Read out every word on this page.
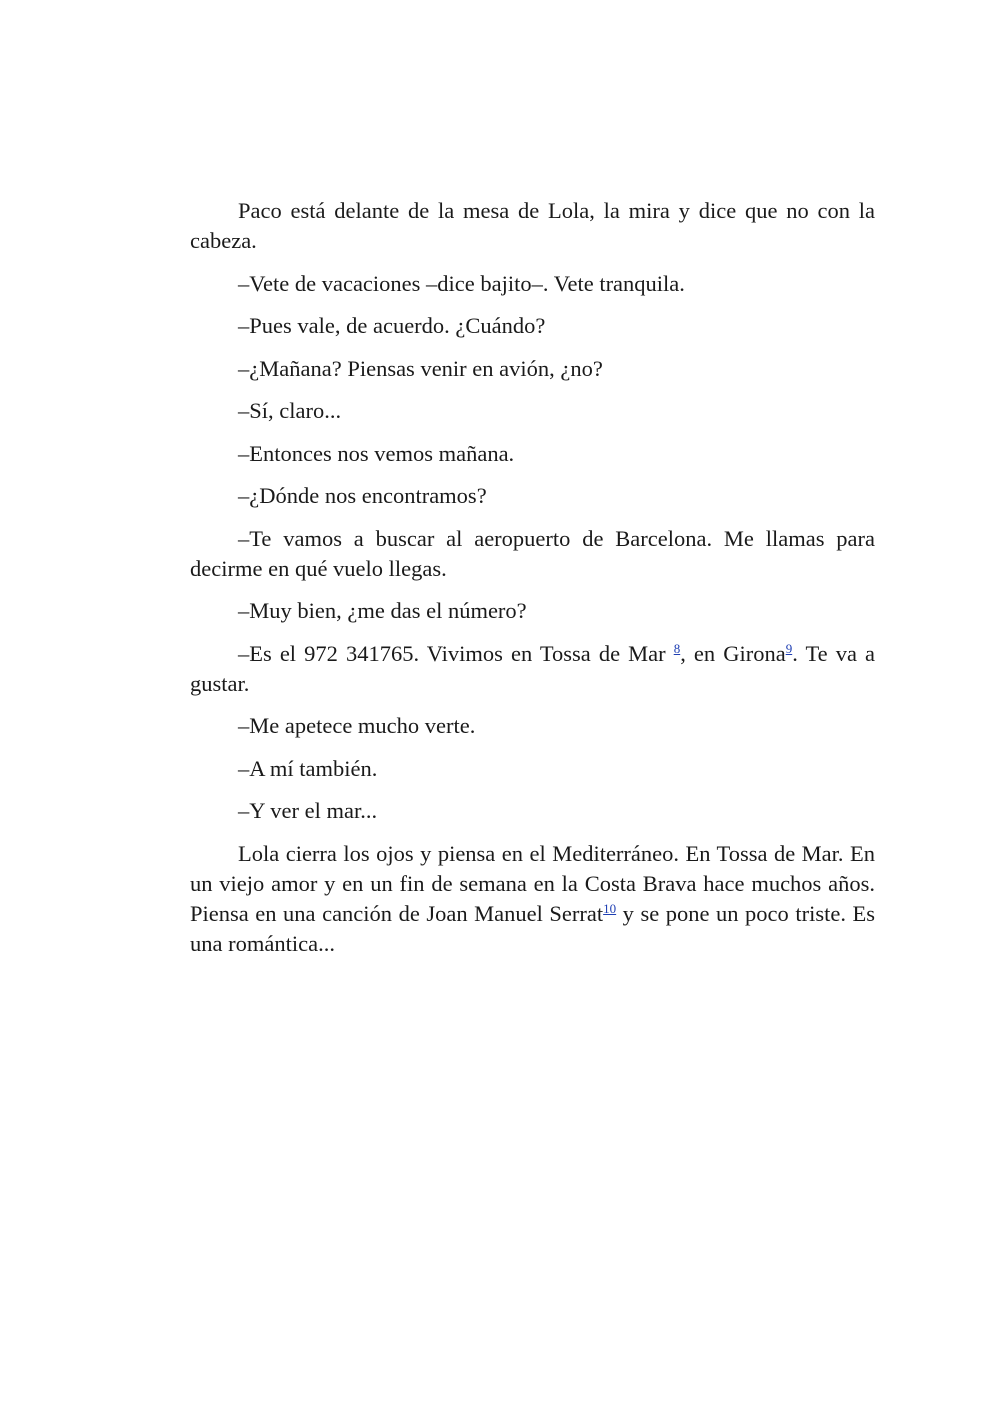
Paco está delante de la mesa de Lola, la mira y dice que no con la cabeza.

–Vete de vacaciones –dice bajito–. Vete tranquila.

–Pues vale, de acuerdo. ¿Cuándo?

–¿Mañana? Piensas venir en avión, ¿no?

–Sí, claro...

–Entonces nos vemos mañana.

–¿Dónde nos encontramos?

–Te vamos a buscar al aeropuerto de Barcelona. Me llamas para decirme en qué vuelo llegas.

–Muy bien, ¿me das el número?

–Es el 972 341765. Vivimos en Tossa de Mar $^8$, en Girona$^9$. Te va a gustar.

–Me apetece mucho verte.

–A mí también.

–Y ver el mar...

Lola cierra los ojos y piensa en el Mediterráneo. En Tossa de Mar. En un viejo amor y en un fin de semana en la Costa Brava hace muchos años. Piensa en una canción de Joan Manuel Serrat$^{10}$ y se pone un poco triste. Es una romántica...
